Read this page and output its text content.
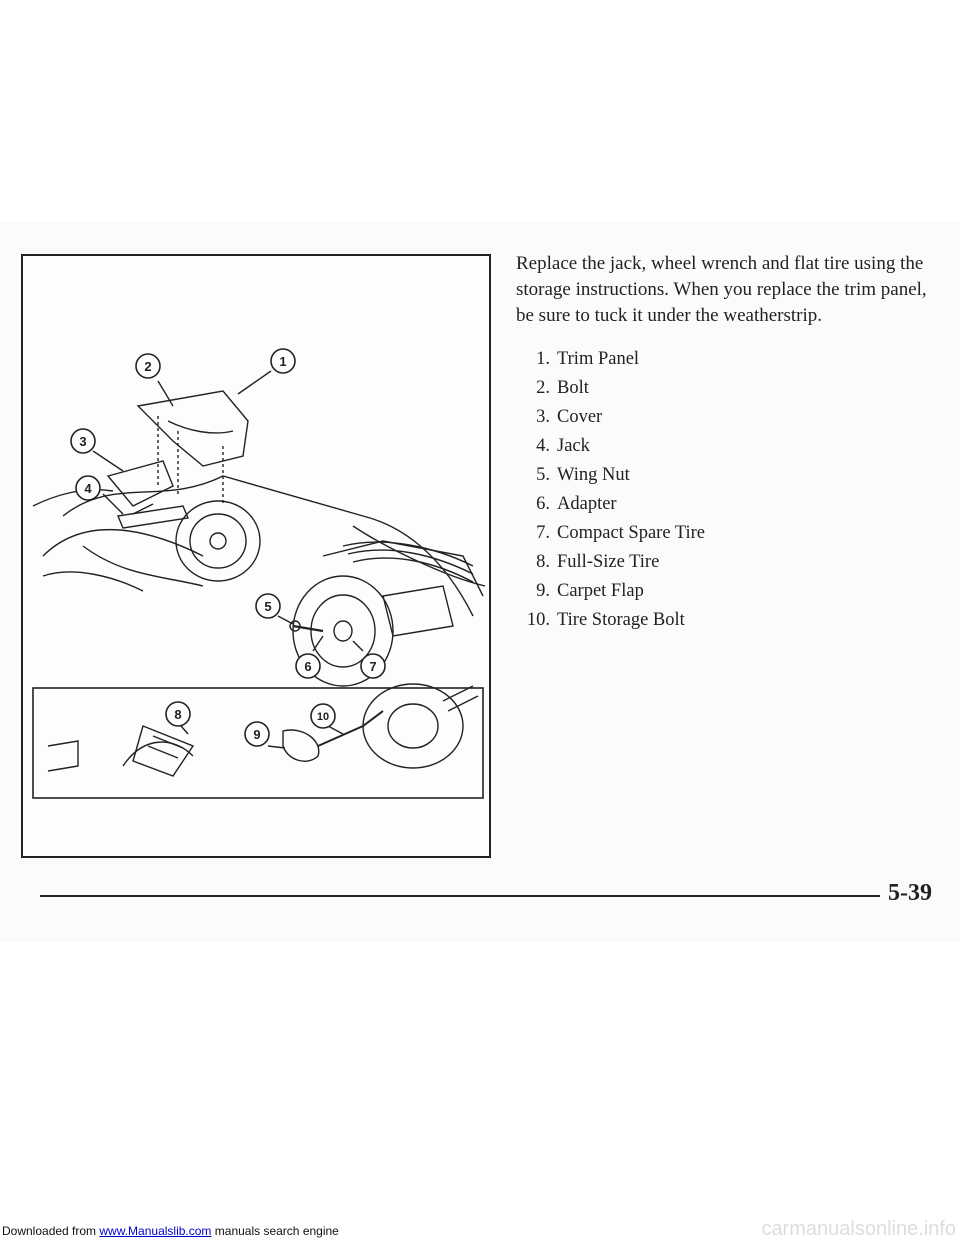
1
2
3
4
5
6	7
8
9
10

Replace the jack, wheel wrench and flat tire using the storage instructions. When you replace the trim panel, be sure to tuck it under the weatherstrip.

1. Trim Panel
2. Bolt
3. Cover
4. Jack
5. Wing Nut
6. Adapter
7. Compact Spare Tire
8. Full-Size Tire
9. Carpet Flap
10. Tire Storage Bolt
5-39
Downloaded from www.Manualslib.com manuals search engine	carmanualsonline.info
